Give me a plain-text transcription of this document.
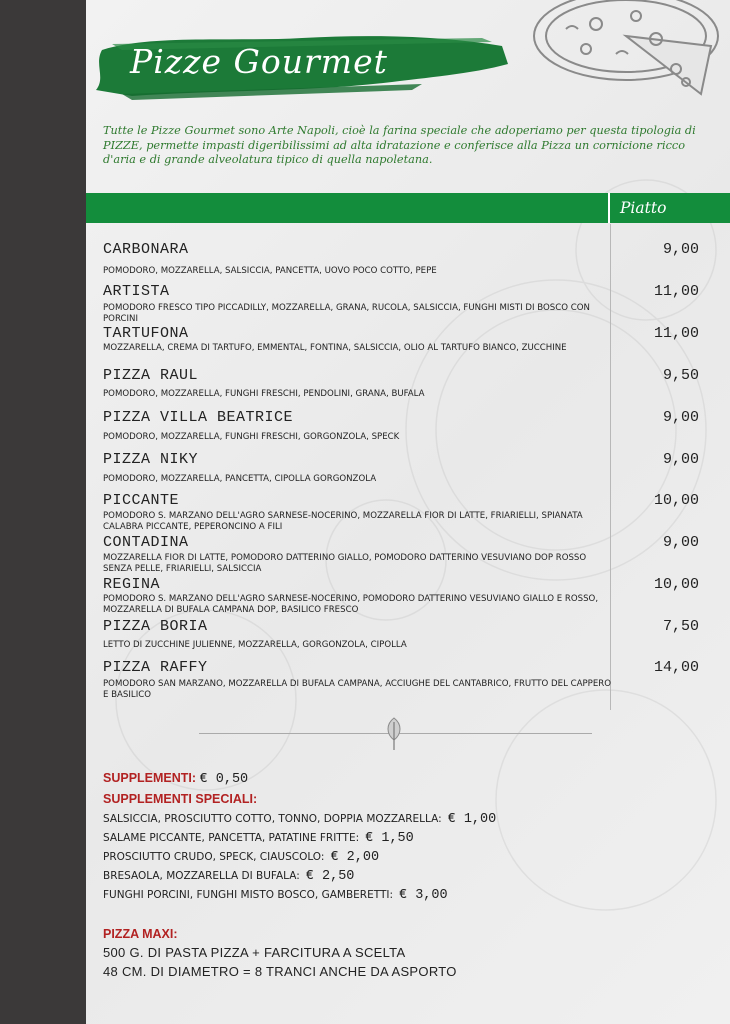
Pizze Gourmet

Tutte le Pizze Gourmet sono Arte Napoli, cioè la farina speciale che adoperiamo per questa tipologia di PIZZE, permette impasti digeribilissimi ad alta idratazione e conferisce alla Pizza un cornicione ricco d'aria e di grande alveolatura tipico di quella napoletana.

Piatto
CARBONARA	9,00

POMODORO, MOZZARELLA, SALSICCIA, PANCETTA, UOVO POCO COTTO, PEPE

ARTISTA	11,00

POMODORO FRESCO TIPO PICCADILLY, MOZZARELLA, GRANA, RUCOLA, SALSICCIA, FUNGHI MISTI DI BOSCO CON PORCINI

TARTUFONA	11,00

MOZZARELLA, CREMA DI TARTUFO, EMMENTAL, FONTINA, SALSICCIA, OLIO AL TARTUFO BIANCO, ZUCCHINE

PIZZA RAUL	9,50

POMODORO, MOZZARELLA, FUNGHI FRESCHI, PENDOLINI, GRANA, BUFALA

PIZZA VILLA BEATRICE	9,00

POMODORO, MOZZARELLA, FUNGHI FRESCHI, GORGONZOLA, SPECK

PIZZA NIKY	9,00

POMODORO, MOZZARELLA, PANCETTA, CIPOLLA GORGONZOLA

PICCANTE	10,00

POMODORO S. MARZANO DELL'AGRO SARNESE-NOCERINO, MOZZARELLA FIOR DI LATTE, FRIARIELLI, SPIANATA CALABRA PICCANTE, PEPERONCINO A FILI

CONTADINA	9,00

MOZZARELLA FIOR DI LATTE, POMODORO DATTERINO GIALLO, POMODORO DATTERINO VESUVIANO DOP ROSSO SENZA PELLE, FRIARIELLI, SALSICCIA

REGINA	10,00

POMODORO S. MARZANO DELL'AGRO SARNESE-NOCERINO, POMODORO DATTERINO VESUVIANO GIALLO E ROSSO, MOZZARELLA DI BUFALA CAMPANA DOP, BASILICO FRESCO

PIZZA BORIA	7,50

LETTO DI ZUCCHINE JULIENNE, MOZZARELLA, GORGONZOLA, CIPOLLA

PIZZA RAFFY	14,00

POMODORO SAN MARZANO, MOZZARELLA DI BUFALA CAMPANA, ACCIUGHE DEL CANTABRICO, FRUTTO DEL CAPPERO E BASILICO

SUPPLEMENTI: € 0,50
SUPPLEMENTI SPECIALI:
SALSICCIA, PROSCIUTTO COTTO, TONNO, DOPPIA MOZZARELLA: € 1,00
SALAME PICCANTE, PANCETTA, PATATINE FRITTE: € 1,50
PROSCIUTTO CRUDO, SPECK, CIAUSCOLO: € 2,00
BRESAOLA, MOZZARELLA DI BUFALA: € 2,50
FUNGHI PORCINI, FUNGHI MISTO BOSCO, GAMBERETTI: € 3,00
PIZZA MAXI:
500 G. DI PASTA PIZZA + FARCITURA A SCELTA
48 CM. DI DIAMETRO = 8 TRANCI ANCHE DA ASPORTO
